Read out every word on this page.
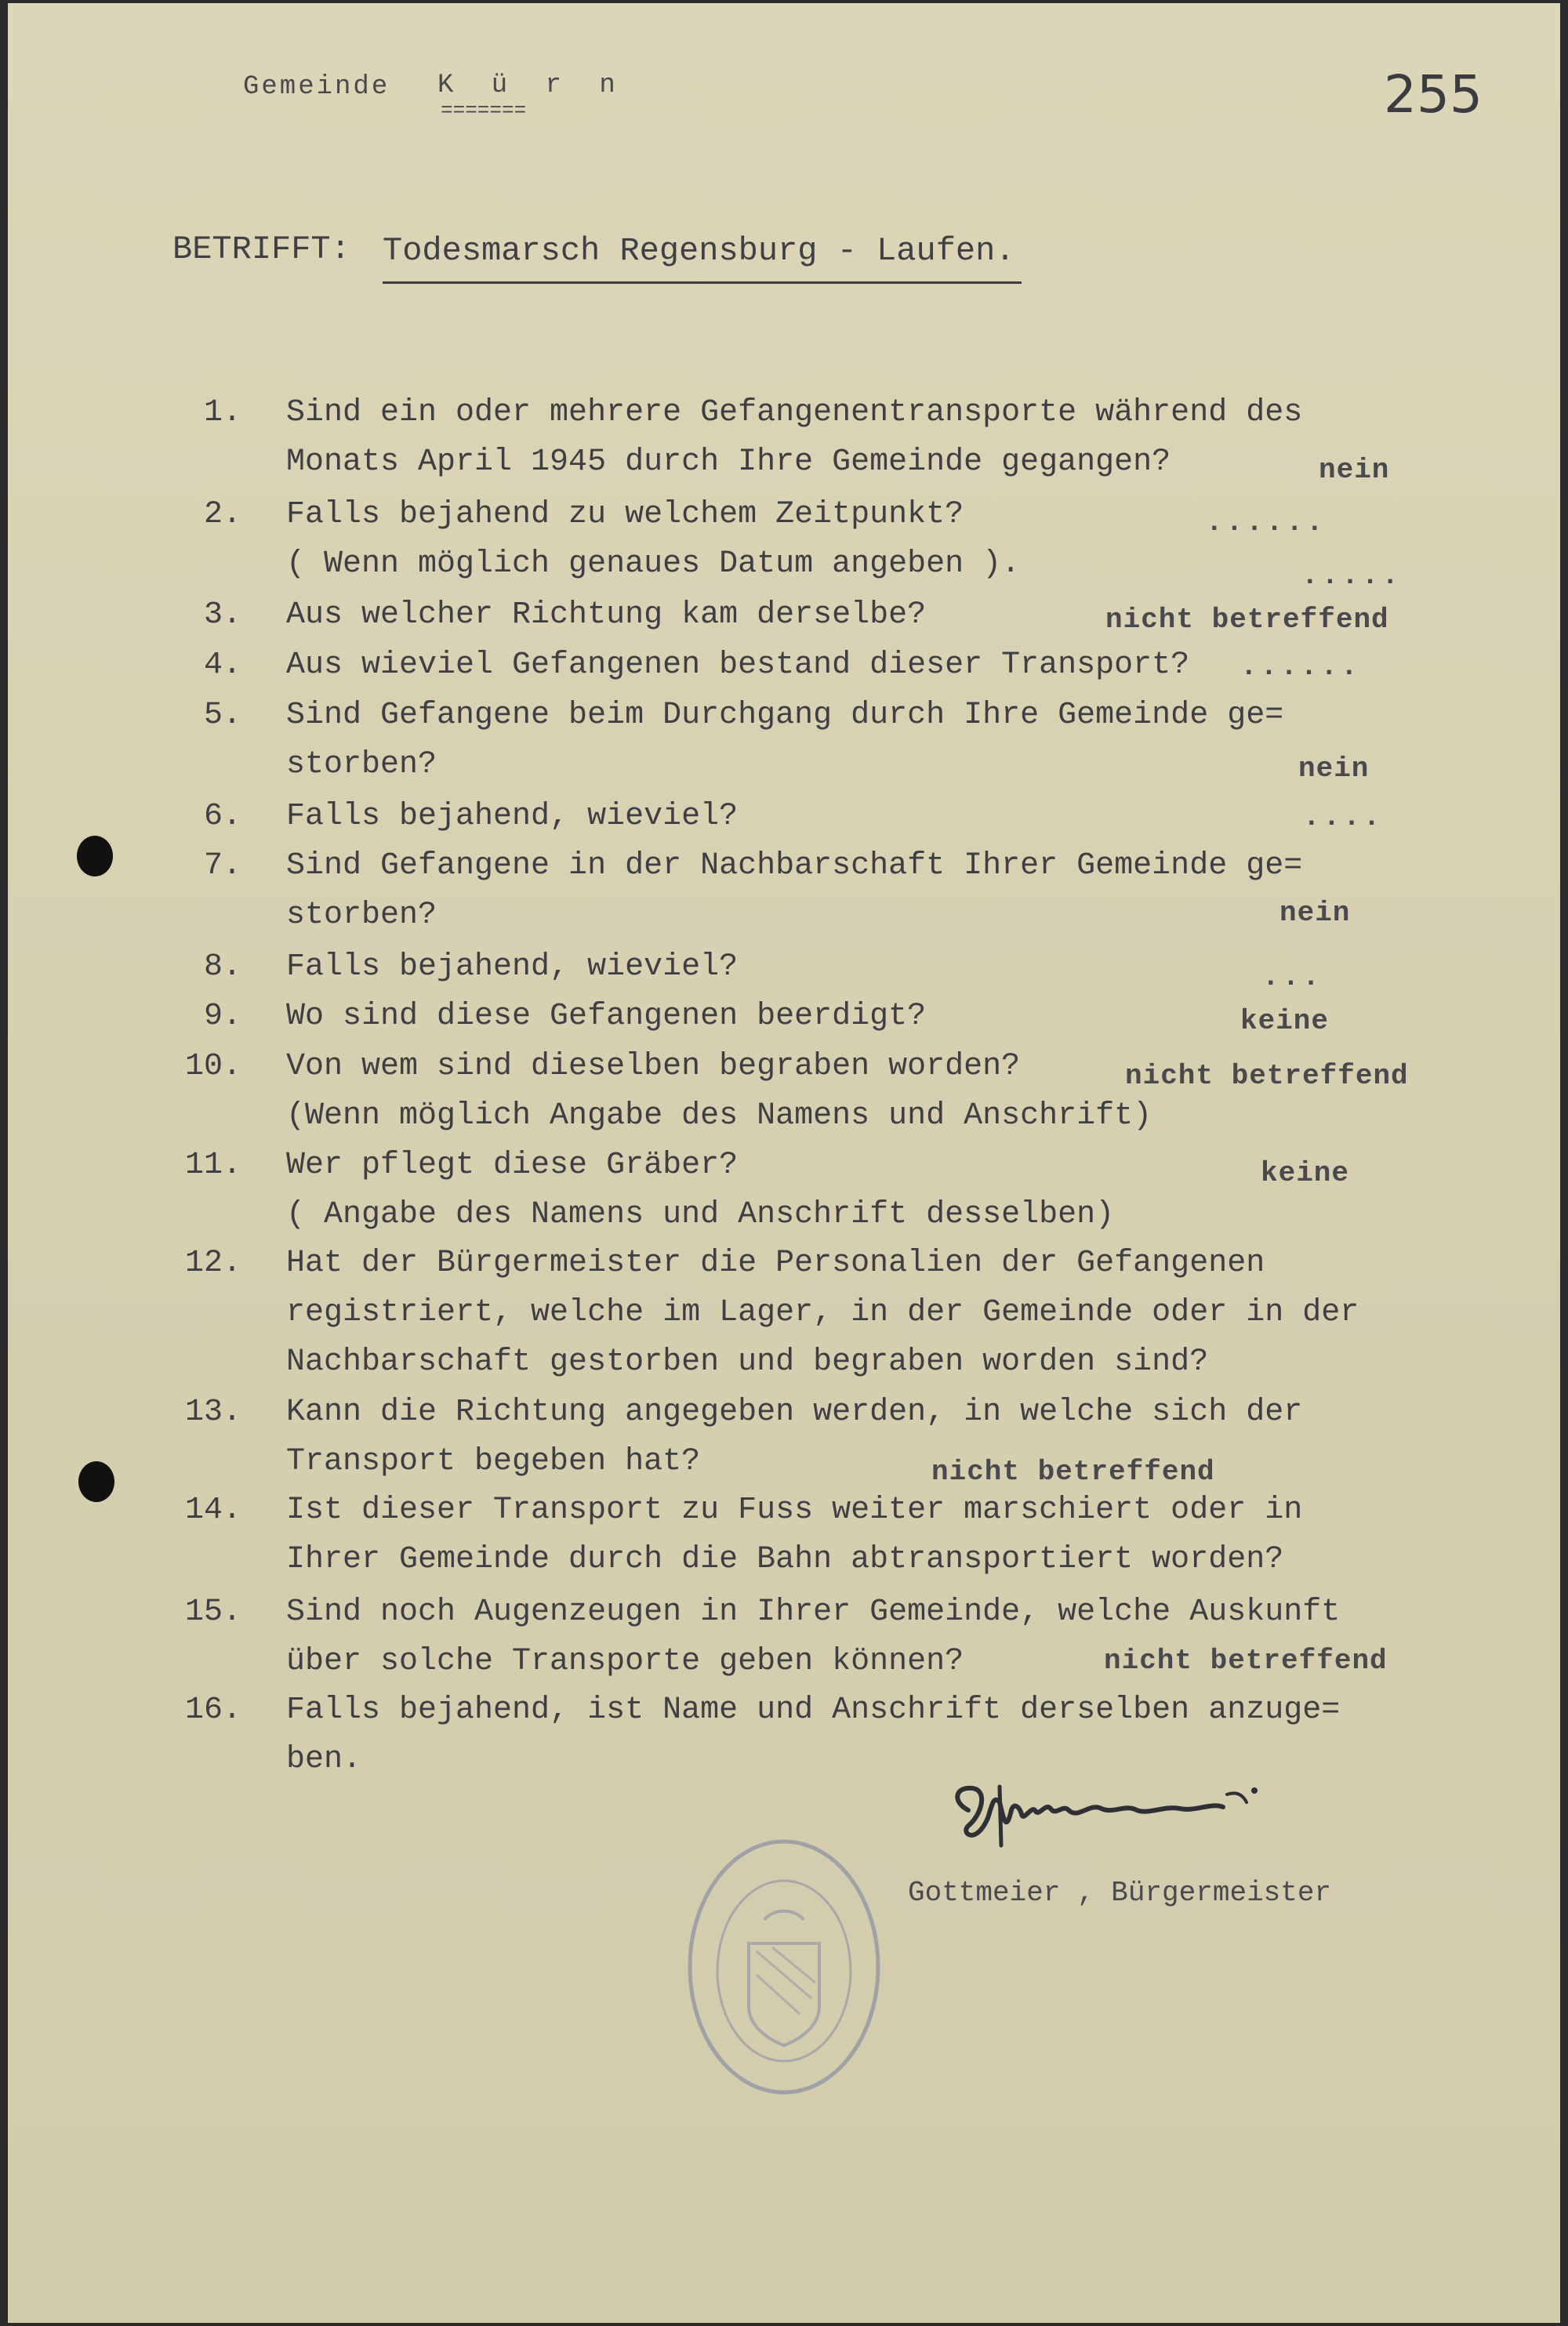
Gemeinde K ü r n
=======	255
BETRIFFT: Todesmarsch Regensburg - Laufen.
1. Sind ein oder mehrere Gefangenentransporte während des
Monats April 1945 durch Ihre Gemeinde gegangen?
2. Falls bejahend zu welchem Zeitpunkt?
( Wenn möglich genaues Datum angeben ).
3. Aus welcher Richtung kam derselbe?
4. Aus wieviel Gefangenen bestand dieser Transport?
5. Sind Gefangene beim Durchgang durch Ihre Gemeinde ge=
storben?
6. Falls bejahend, wieviel?
7. Sind Gefangene in der Nachbarschaft Ihrer Gemeinde ge=
storben?
8. Falls bejahend, wieviel?
9. Wo sind diese Gefangenen beerdigt?
10. Von wem sind dieselben begraben worden?
(Wenn möglich Angabe des Namens und Anschrift)
11. Wer pflegt diese Gräber?
( Angabe des Namens und Anschrift desselben)
12. Hat der Bürgermeister die Personalien der Gefangenen
registriert, welche im Lager, in der Gemeinde oder in der
Nachbarschaft gestorben und begraben worden sind?
13. Kann die Richtung angegeben werden, in welche sich der
Transport begeben hat?
14. Ist dieser Transport zu Fuss weiter marschiert oder in
Ihrer Gemeinde durch die Bahn abtransportiert worden?
15. Sind noch Augenzeugen in Ihrer Gemeinde, welche Auskunft
über solche Transporte geben können?
16. Falls bejahend, ist Name und Anschrift derselben anzuge=
ben.
nein
......
.....
nicht betreffend
......
nein
....
nein
...
keine
nicht betreffend
keine
nicht betreffend
nicht betreffend
Gottmeier , Bürgermeister
